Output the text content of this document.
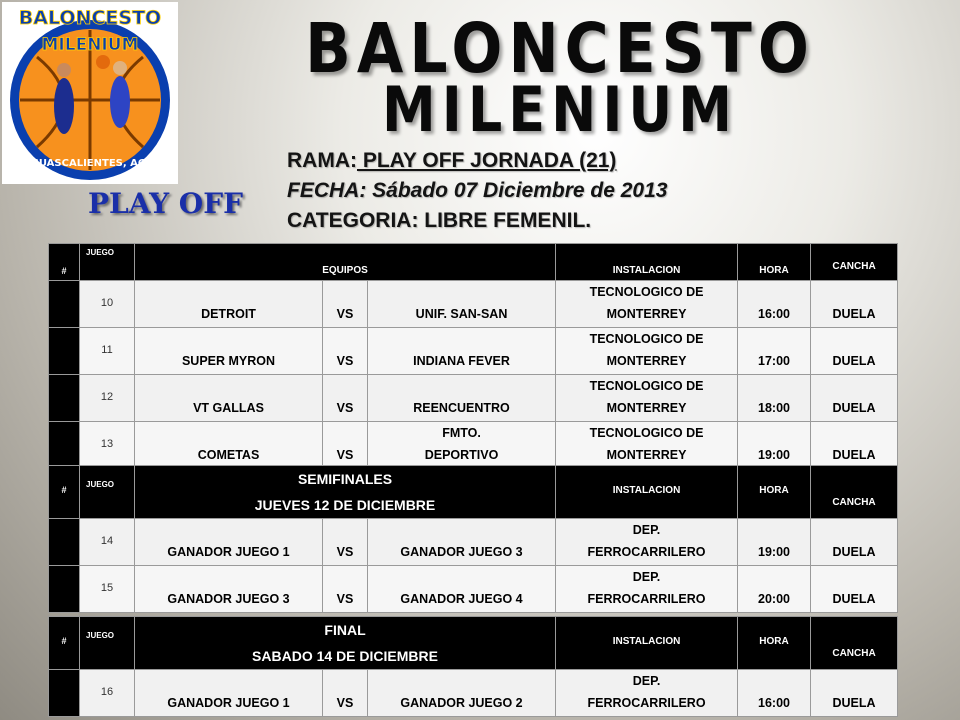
BALONCESTO
MILENIUM
AGUASCALIENTES, AGS.
BALONCESTO
MILENIUM
RAMA: PLAY OFF JORNADA (21)
FECHA: Sábado 07 Diciembre de 2013
CATEGORIA: LIBRE FEMENIL.
PLAY OFF
#	JUEGO	EQUIPOS			INSTALACION	HORA	CANCHA
	10	DETROIT	VS	UNIF. SAN-SAN	TECNOLOGICO DE
MONTERREY	16:00	DUELA
	11	SUPER MYRON	VS	INDIANA FEVER	TECNOLOGICO DE
MONTERREY	17:00	DUELA
	12	VT GALLAS	VS	REENCUENTRO	TECNOLOGICO DE
MONTERREY	18:00	DUELA
	13	COMETAS	VS	FMTO.
DEPORTIVO	TECNOLOGICO DE
MONTERREY	19:00	DUELA
#	JUEGO	SEMIFINALES
JUEVES 12 DE DICIEMBRE			INSTALACION	HORA	CANCHA
	14	GANADOR JUEGO 1	VS	GANADOR JUEGO 3	DEP.
FERROCARRILERO	19:00	DUELA
	15	GANADOR JUEGO 3	VS	GANADOR JUEGO 4	DEP.
FERROCARRILERO	20:00	DUELA
#	JUEGO	FINAL
SABADO 14 DE DICIEMBRE			INSTALACION	HORA	CANCHA
	16	GANADOR JUEGO 1	VS	GANADOR JUEGO 2	DEP.
FERROCARRILERO	16:00	DUELA
